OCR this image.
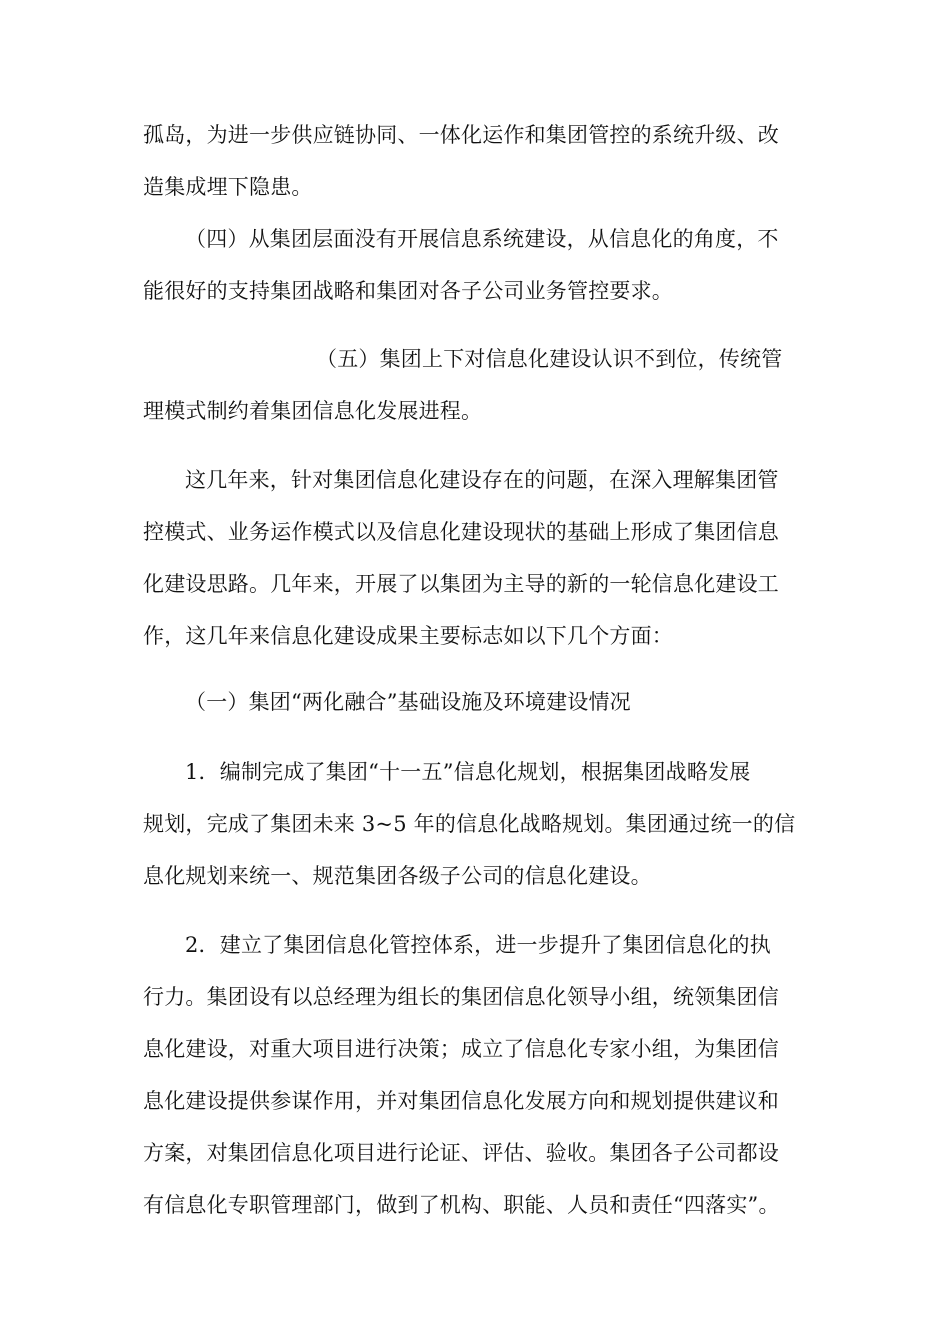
孤岛，为进一步供应链协同、一体化运作和集团管控的系统升级、改
造集成埋下隐患。
（四）从集团层面没有开展信息系统建设，从信息化的角度，不
能很好的支持集团战略和集团对各子公司业务管控要求。
（五）集团上下对信息化建设认识不到位，传统管
理模式制约着集团信息化发展进程。
这几年来，针对集团信息化建设存在的问题，在深入理解集团管
控模式、业务运作模式以及信息化建设现状的基础上形成了集团信息
化建设思路。几年来，开展了以集团为主导的新的一轮信息化建设工
作，这几年来信息化建设成果主要标志如以下几个方面：
（一）集团“两化融合”基础设施及环境建设情况
1．编制完成了集团“十一五”信息化规划，根据集团战略发展
规划，完成了集团未来 3~5 年的信息化战略规划。集团通过统一的信
息化规划来统一、规范集团各级子公司的信息化建设。
2．建立了集团信息化管控体系，进一步提升了集团信息化的执
行力。集团设有以总经理为组长的集团信息化领导小组，统领集团信
息化建设，对重大项目进行决策；成立了信息化专家小组，为集团信
息化建设提供参谋作用，并对集团信息化发展方向和规划提供建议和
方案，对集团信息化项目进行论证、评估、验收。集团各子公司都设
有信息化专职管理部门，做到了机构、职能、人员和责任“四落实”。
